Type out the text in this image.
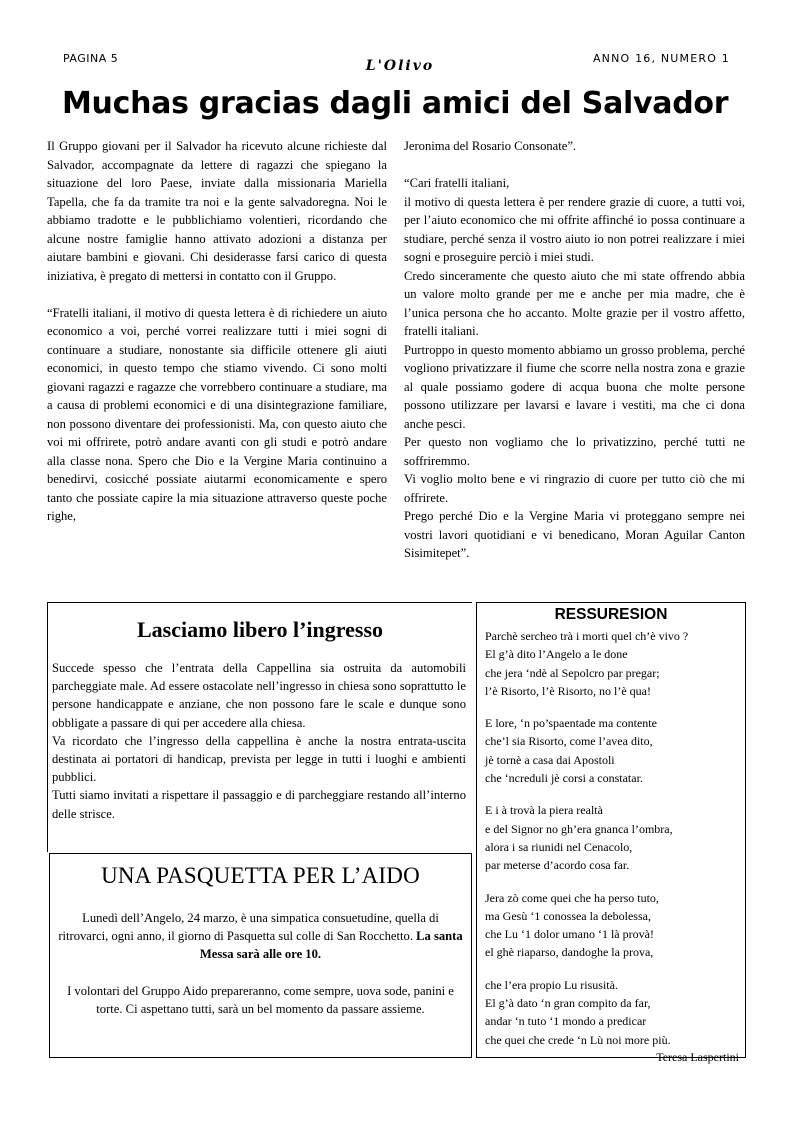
PAGINA 5	L'Olivo	ANNO 16, NUMERO 1
Muchas gracias dagli amici del Salvador

Il Gruppo giovani per il Salvador ha ricevuto alcune richieste dal Salvador, accompagnate da lettere di ragazzi che spiegano la situazione del loro Paese, inviate dalla missionaria Mariella Tapella, che fa da tramite tra noi e la gente salvadoregna. Noi le abbiamo tradotte e le pubblichiamo volentieri, ricordando che alcune nostre famiglie hanno attivato adozioni a distanza per aiutare bambini e giovani. Chi desiderasse farsi carico di questa iniziativa, è pregato di mettersi in contatto con il Gruppo.

“Fratelli italiani, il motivo di questa lettera è di richiedere un aiuto economico a voi, perché vorrei realizzare tutti i miei sogni di continuare a studiare, nonostante sia difficile ottenere gli aiuti economici, in questo tempo che stiamo vivendo. Ci sono molti giovani ragazzi e ragazze che vorrebbero continuare a studiare, ma a causa di problemi economici e di una disintegrazione familiare, non possono diventare dei professionisti. Ma, con questo aiuto che voi mi offrirete, potrò andare avanti con gli studi e potrò andare alla classe nona. Spero che Dio e la Vergine Maria continuino a benedirvi, cosicché possiate aiutarmi economicamente e spero tanto che possiate capire la mia situazione attraverso queste poche righe,

Jeronima del Rosario Consonate”.

“Cari fratelli italiani,

il motivo di questa lettera è per rendere grazie di cuore, a tutti voi, per l’aiuto economico che mi offrite affinché io possa continuare a studiare, perché senza il vostro aiuto io non potrei realizzare i miei sogni e proseguire perciò i miei studi.

Credo sinceramente che questo aiuto che mi state offrendo abbia un valore molto grande per me e anche per mia madre, che è l’unica persona che ho accanto. Molte grazie per il vostro affetto, fratelli italiani.

Purtroppo in questo momento abbiamo un grosso problema, perché vogliono privatizzare il fiume che scorre nella nostra zona e grazie al quale possiamo godere di acqua buona che molte persone possono utilizzare per lavarsi e lavare i vestiti, ma che ci dona anche pesci.

Per questo non vogliamo che lo privatizzino, perché tutti ne soffriremmo.

Vi voglio molto bene e vi ringrazio di cuore per tutto ciò che mi offrirete.

Prego perché Dio e la Vergine Maria vi proteggano sempre nei vostri lavori quotidiani e vi benedicano, Moran Aguilar Canton Sisimitepet”.

Lasciamo libero l’ingresso

Succede spesso che l’entrata della Cappellina sia ostruita da automobili parcheggiate male. Ad essere ostacolate nell’ingresso in chiesa sono soprattutto le persone handicappate e anziane, che non possono fare le scale e dunque sono obbligate a passare di qui per accedere alla chiesa.

Va ricordato che l’ingresso della cappellina è anche la nostra entrata-uscita destinata ai portatori di handicap, prevista per legge in tutti i luoghi e ambienti pubblici.

Tutti siamo invitati a rispettare il passaggio e di parcheggiare restando all’interno delle strisce.

UNA PASQUETTA PER L’AIDO

Lunedì dell’Angelo, 24 marzo, è una simpatica consuetudine, quella di ritrovarci, ogni anno, il giorno di Pasquetta sul colle di San Rocchetto. La santa Messa sarà alle ore 10.

I volontari del Gruppo Aido prepareranno, come sempre, uova sode, panini e torte. Ci aspettano tutti, sarà un bel momento da passare assieme.

RESSURESION
Parchè sercheo trà i morti quel ch’è vivo ?
El g’à dito l’Angelo a le done
che jera ‘ndè al Sepolcro par pregar;
l’è Risorto, l’è Risorto, no l’è qua!
E lore, ‘n po’spaentade ma contente
che’l sia Risorto, come l’avea dito,
jè tornè a casa dai Apostoli
che ‘ncreduli jè corsi a constatar.
E i à trovà la piera realtà
e del Signor no gh’era gnanca l’ombra,
alora i sa riunidi nel Cenacolo,
par meterse d’acordo cosa far.
Jera zò come quei che ha perso tuto,
ma Gesù ‘1 conossea la debolessa,
che Lu ‘1 dolor umano ‘1 là provà!
el ghè riaparso, dandoghe la prova,
che l’era propio Lu risusità.
El g’à dato ‘n gran compito da far,
andar ‘n tuto ‘1 mondo a predicar
che quei che crede ‘n Lù noi more più.
Teresa Laspertini
